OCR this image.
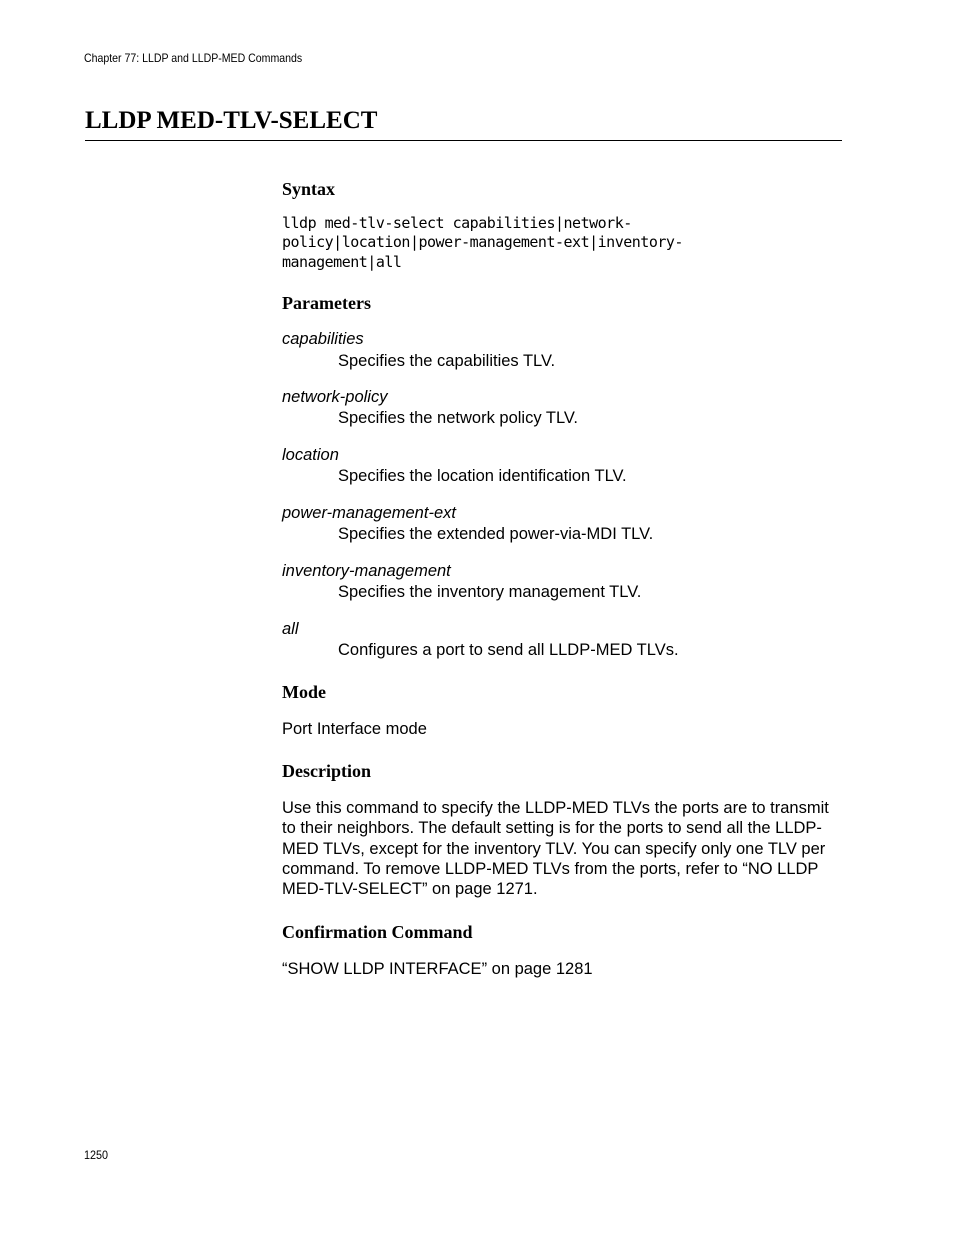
Chapter 77: LLDP and LLDP-MED Commands
LLDP MED-TLV-SELECT
Syntax
lldp med-tlv-select capabilities|network-
policy|location|power-management-ext|inventory-
management|all
Parameters

capabilities

Specifies the capabilities TLV.

network-policy

Specifies the network policy TLV.

location

Specifies the location identification TLV.

power-management-ext

Specifies the extended power-via-MDI TLV.

inventory-management

Specifies the inventory management TLV.

all

Configures a port to send all LLDP-MED TLVs.

Mode

Port Interface mode

Description

Use this command to specify the LLDP-MED TLVs the ports are to transmit to their neighbors. The default setting is for the ports to send all the LLDP-MED TLVs, except for the inventory TLV. You can specify only one TLV per command. To remove LLDP-MED TLVs from the ports, refer to “NO LLDP MED-TLV-SELECT” on page 1271.

Confirmation Command

“SHOW LLDP INTERFACE” on page 1281

1250
